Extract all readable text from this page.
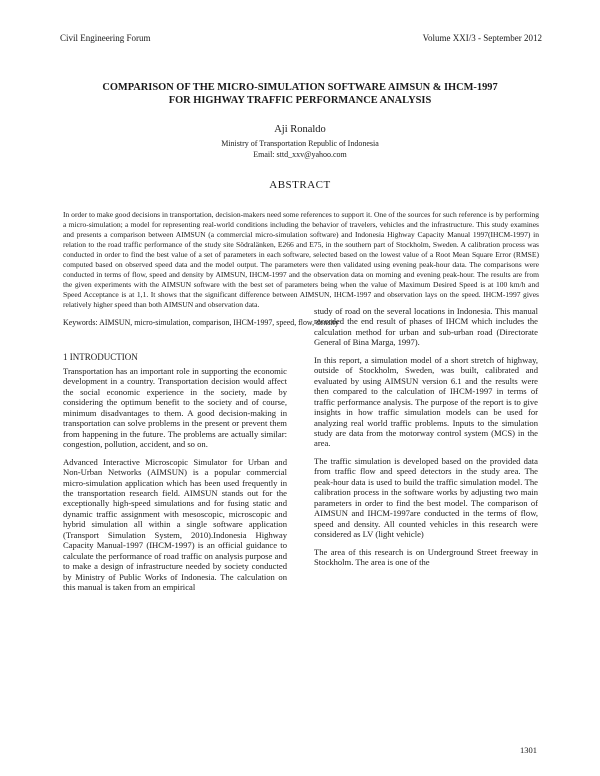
Civil Engineering Forum	Volume XXI/3 - September 2012
COMPARISON OF THE MICRO-SIMULATION SOFTWARE AIMSUN & IHCM-1997
FOR HIGHWAY TRAFFIC PERFORMANCE ANALYSIS
Aji Ronaldo
Ministry of Transportation Republic of Indonesia
Email: sttd_xxv@yahoo.com
ABSTRACT

In order to make good decisions in transportation, decision-makers need some references to support it. One of the sources for such reference is by performing a micro-simulation; a model for representing real-world conditions including the behavior of travelers, vehicles and the infrastructure. This study examines and presents a comparison between AIMSUN (a commercial micro-simulation software) and Indonesia Highway Capacity Manual 1997(IHCM-1997) in relation to the road traffic performance of the study site Södralänken, E266 and E75, in the southern part of Stockholm, Sweden. A calibration process was conducted in order to find the best value of a set of parameters in each software, selected based on the lowest value of a Root Mean Square Error (RMSE) computed based on observed speed data and the model output. The parameters were then validated using evening peak-hour data. The comparisons were conducted in terms of flow, speed and density by AIMSUN, IHCM-1997 and the observation data on morning and evening peak-hour. The results are from the given experiments with the AIMSUN software with the best set of parameters being when the value of Maximum Desired Speed is at 100 km/h and Speed Acceptance is at 1,1. It shows that the significant difference between AIMSUN, IHCM-1997 and observation lays on the speed. IHCM-1997 gives relatively higher speed than both AIMSUN and observation data.

Keywords: AIMSUN, micro-simulation, comparison, IHCM-1997, speed, flow, density

1 INTRODUCTION

Transportation has an important role in supporting the economic development in a country. Transportation decision would affect the social economic experience in the society, made by considering the optimum benefit to the society and of course, minimum disadvantages to them. A good decision-making in transportation can solve problems in the present or prevent them from happening in the future. The problems are actually similar: congestion, pollution, accident, and so on.

Advanced Interactive Microscopic Simulator for Urban and Non-Urban Networks (AIMSUN) is a popular commercial micro-simulation application which has been used frequently in the transportation research field. AIMSUN stands out for the exceptionally high-speed simulations and for fusing static and dynamic traffic assignment with mesoscopic, microscopic and hybrid simulation all within a single software application (Transport Simulation System, 2010).Indonesia Highway Capacity Manual-1997 (IHCM-1997) is an official guidance to calculate the performance of road traffic on analysis purpose and to make a design of infrastructure needed by society conducted by Ministry of Public Works of Indonesia. The calculation on this manual is taken from an empirical

study of road on the several locations in Indonesia. This manual recorded the end result of phases of IHCM which includes the calculation method for urban and sub-urban road (Directorate General of Bina Marga, 1997).

In this report, a simulation model of a short stretch of highway, outside of Stockholm, Sweden, was built, calibrated and evaluated by using AIMSUN version 6.1 and the results were then compared to the calculation of IHCM-1997 in terms of traffic performance analysis. The purpose of the report is to give insights in how traffic simulation models can be used for analyzing real world traffic problems. Inputs to the simulation study are data from the motorway control system (MCS) in the area.

The traffic simulation is developed based on the provided data from traffic flow and speed detectors in the study area. The peak-hour data is used to build the traffic simulation model. The calibration process in the software works by adjusting two main parameters in order to find the best model. The comparison of AIMSUN and IHCM-1997are conducted in the terms of flow, speed and density. All counted vehicles in this research were considered as LV (light vehicle)

The area of this research is on Underground Street freeway in Stockholm. The area is one of the

1301
